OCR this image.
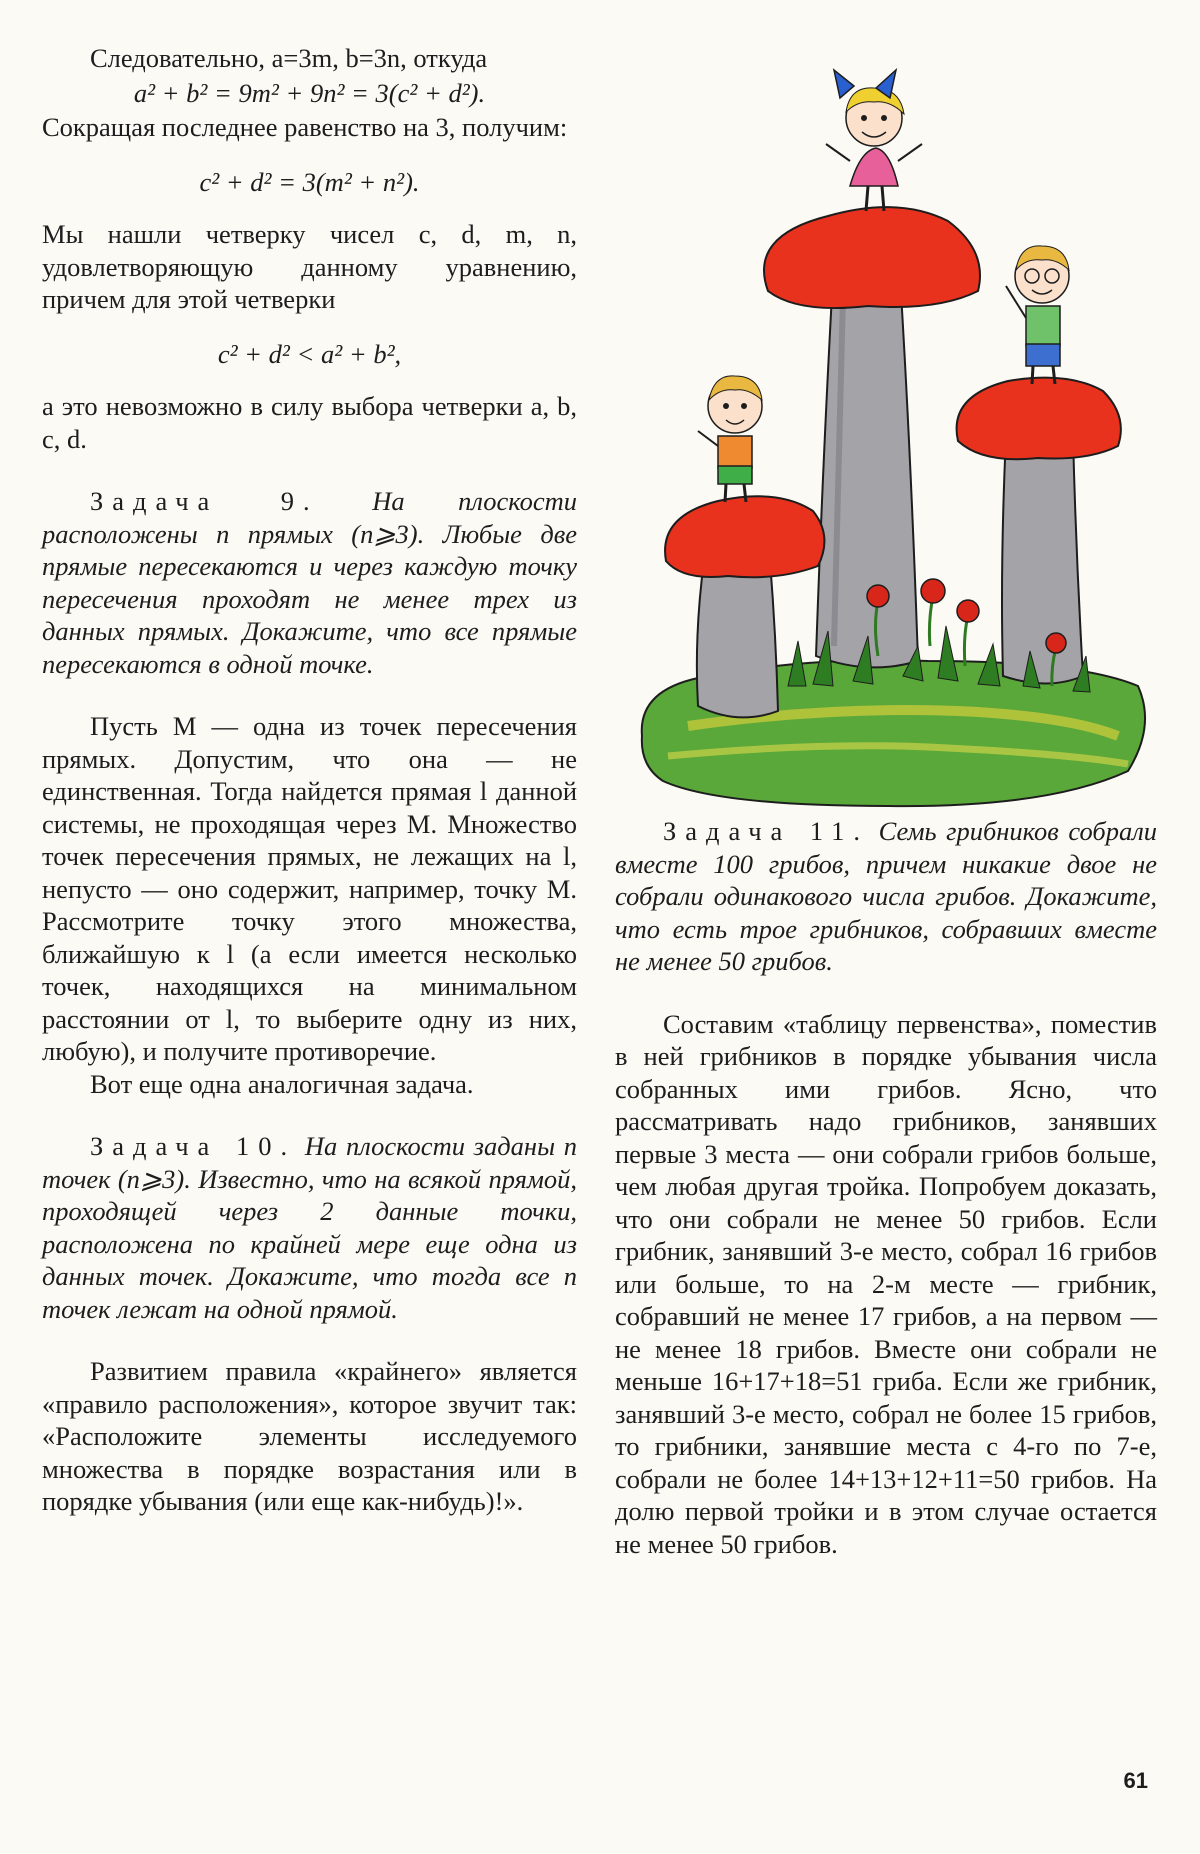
Следовательно, a=3m, b=3n, откуда

a² + b² = 9m² + 9n² = 3(c² + d²).

Сокращая последнее равенство на 3, получим:

c² + d² = 3(m² + n²).

Мы нашли четверку чисел c, d, m, n, удовлетворяющую данному уравнению, причем для этой четверки

c² + d² < a² + b²,

а это невозможно в силу выбора четверки a, b, c, d.

Задача 9. На плоскости расположены n прямых (n⩾3). Любые две прямые пересекаются и через каждую точку пересечения проходят не менее трех из данных прямых. Докажите, что все прямые пересекаются в одной точке.

Пусть M — одна из точек пересечения прямых. Допустим, что она — не единственная. Тогда найдется прямая l данной системы, не проходящая через M. Множество точек пересечения прямых, не лежащих на l, непусто — оно содержит, например, точку M. Рассмотрите точку этого множества, ближайшую к l (а если имеется несколько точек, находящихся на минимальном расстоянии от l, то выберите одну из них, любую), и получите противоречие.

Вот еще одна аналогичная задача.

Задача 10. На плоскости заданы n точек (n⩾3). Известно, что на всякой прямой, проходящей через 2 данные точки, расположена по крайней мере еще одна из данных точек. Докажите, что тогда все n точек лежат на одной прямой.

Развитием правила «крайнего» является «правило расположения», которое звучит так: «Расположите элементы исследуемого множества в порядке возрастания или в порядке убывания (или еще как-нибудь)!».

Задача 11. Семь грибников собрали вместе 100 грибов, причем никакие двое не собрали одинакового числа грибов. Докажите, что есть трое грибников, собравших вместе не менее 50 грибов.

Составим «таблицу первенства», поместив в ней грибников в порядке убывания числа собранных ими грибов. Ясно, что рассматривать надо грибников, занявших первые 3 места — они собрали грибов больше, чем любая другая тройка. Попробуем доказать, что они собрали не менее 50 грибов. Если грибник, занявший 3-е место, собрал 16 грибов или больше, то на 2-м месте — грибник, собравший не менее 17 грибов, а на первом — не менее 18 грибов. Вместе они собрали не меньше 16+17+18=51 гриба. Если же грибник, занявший 3-е место, собрал не более 15 грибов, то грибники, занявшие места с 4-го по 7-е, собрали не более 14+13+12+11=50 грибов. На долю первой тройки и в этом случае остается не менее 50 грибов.

61
